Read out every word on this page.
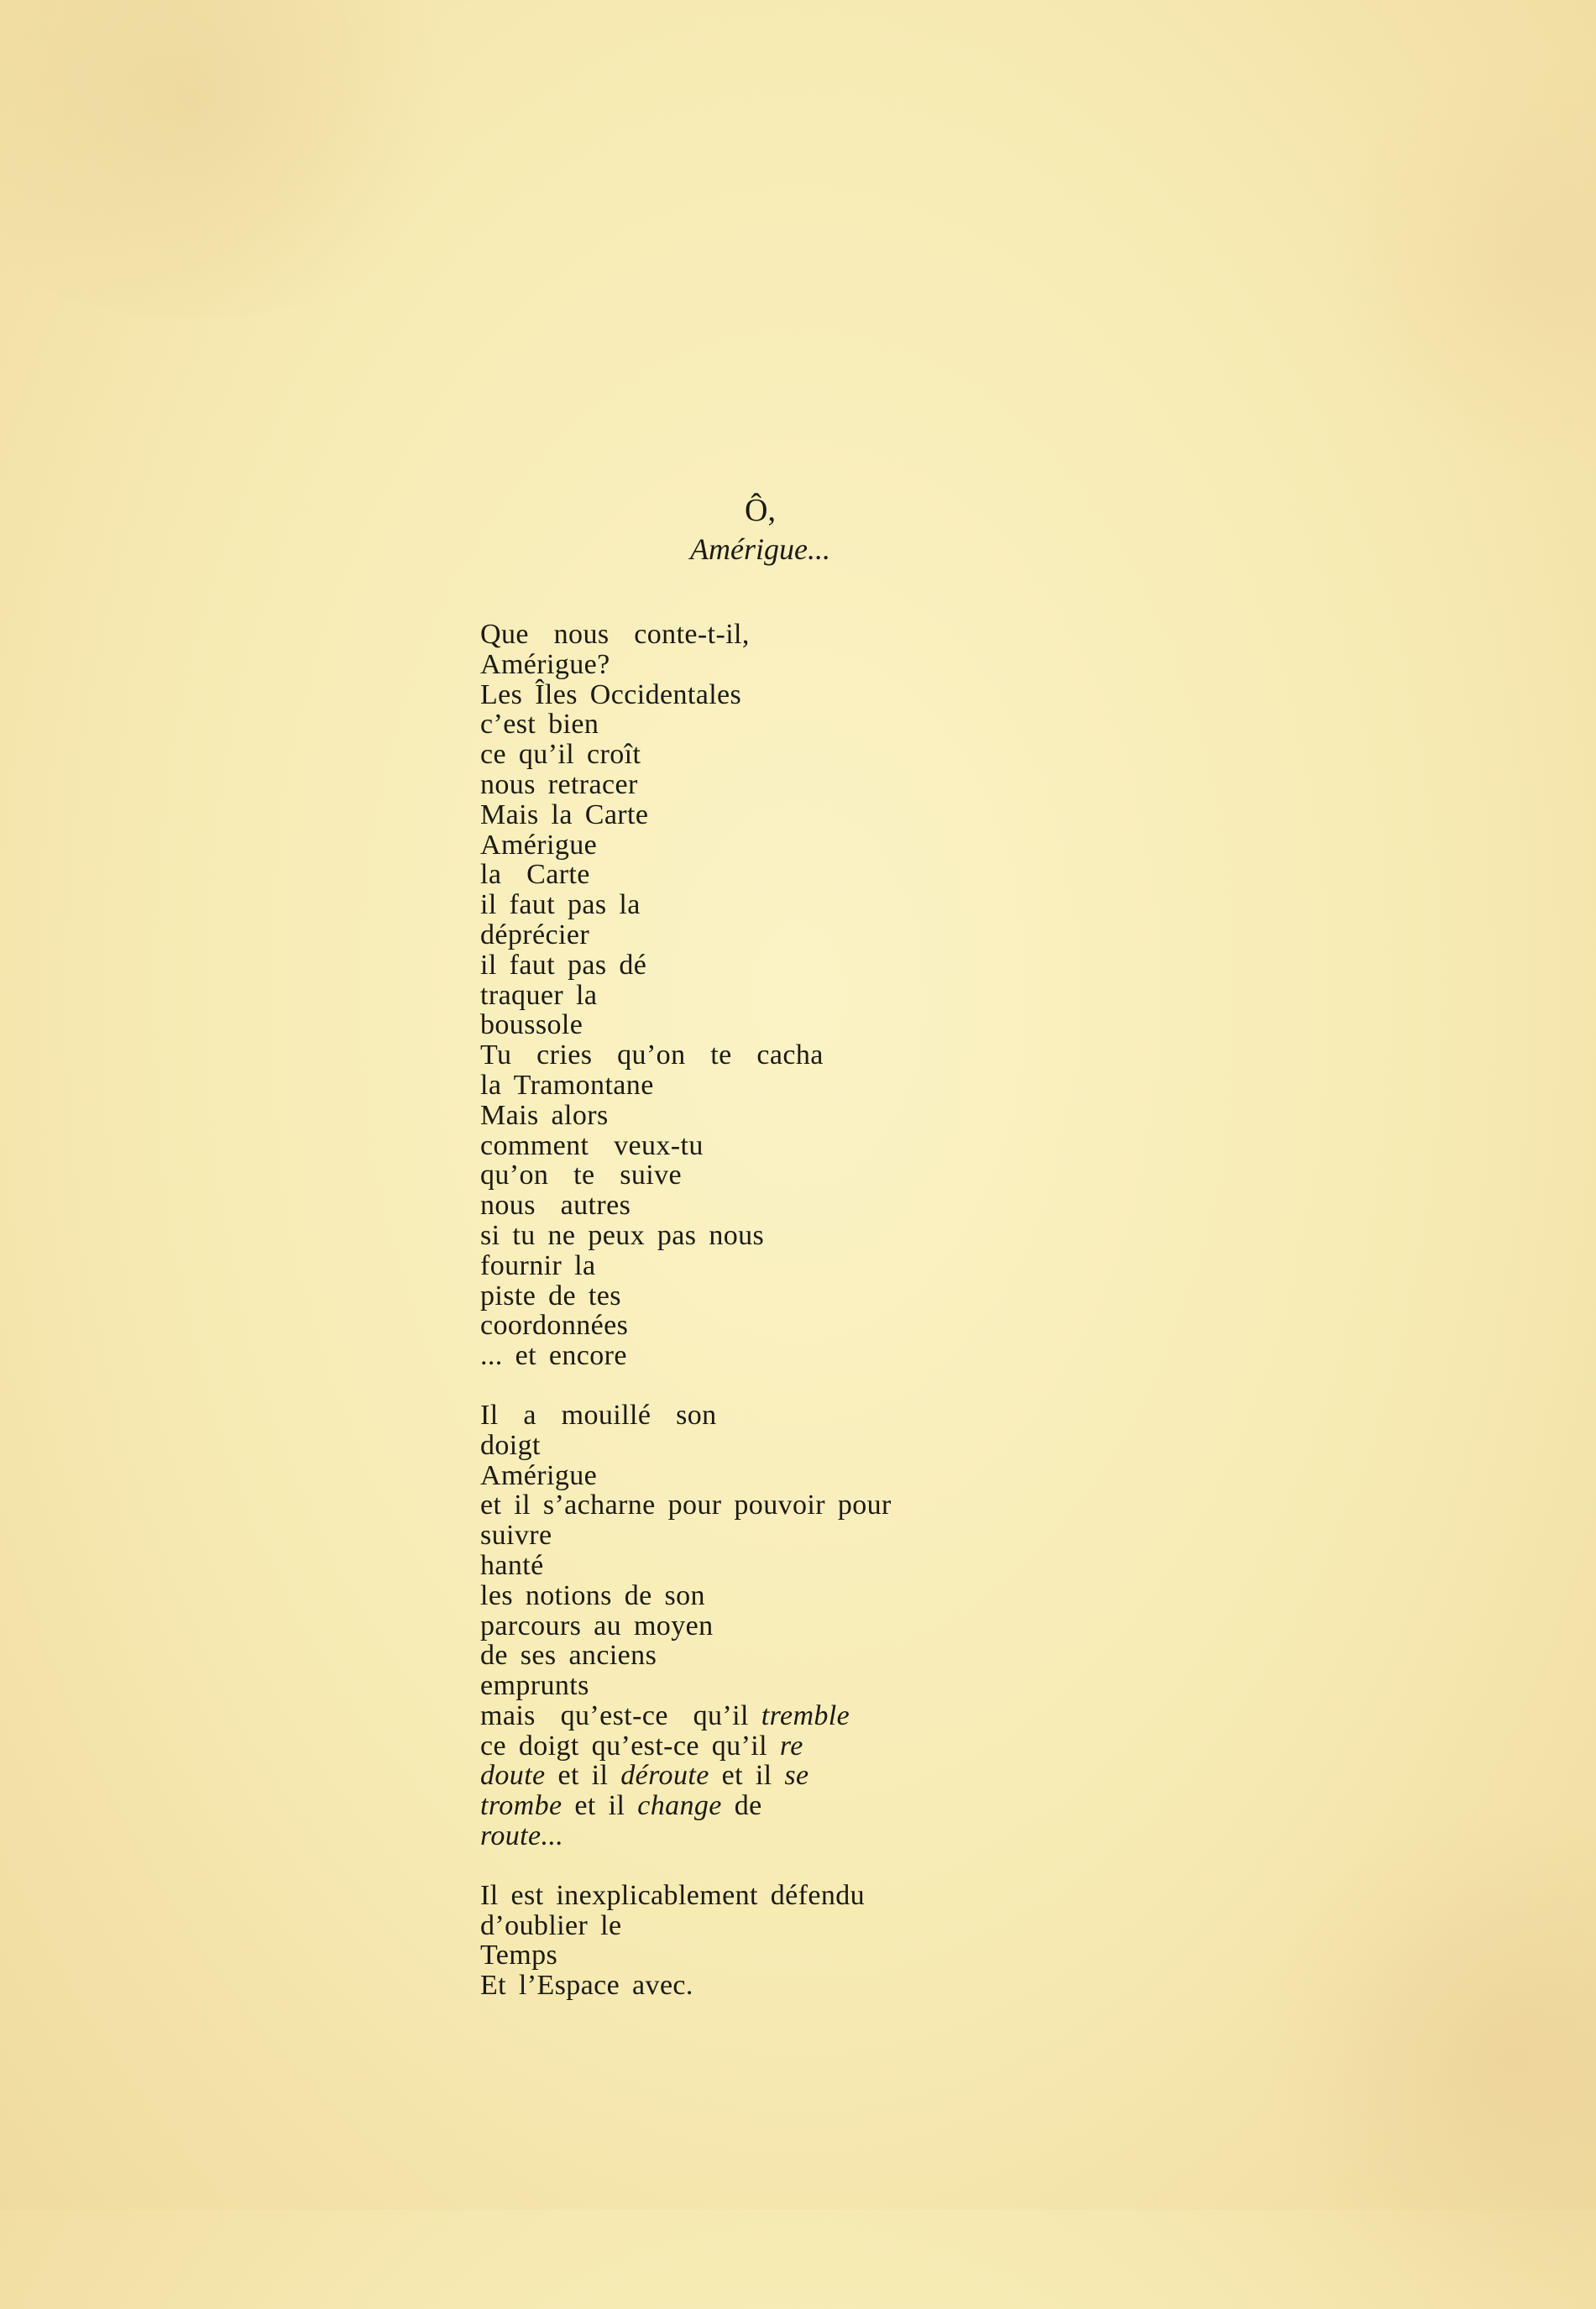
Ô,
Amérigue...
Que  nous  conte-t-il,
Amérigue?
Les Îles Occidentales
c’est bien
ce qu’il croît
nous retracer
Mais la Carte
Amérigue
la  Carte
il faut pas la
déprécier
il faut pas dé
traquer la
boussole
Tu  cries  qu’on  te  cacha
la Tramontane
Mais alors
comment  veux-tu
qu’on  te  suive
nous  autres
si tu ne peux pas nous
fournir la
piste de tes
coordonnées
... et encore
Il  a  mouillé  son
doigt
Amérigue
et il s’acharne pour pouvoir pour
suivre
hanté
les notions de son
parcours au moyen
de ses anciens
emprunts
mais  qu’est-ce  qu’il tremble
ce doigt qu’est-ce qu’il re
doute et il déroute et il se
trombe et il change de
route...
Il est inexplicablement défendu
d’oublier le
Temps
Et l’Espace avec.
